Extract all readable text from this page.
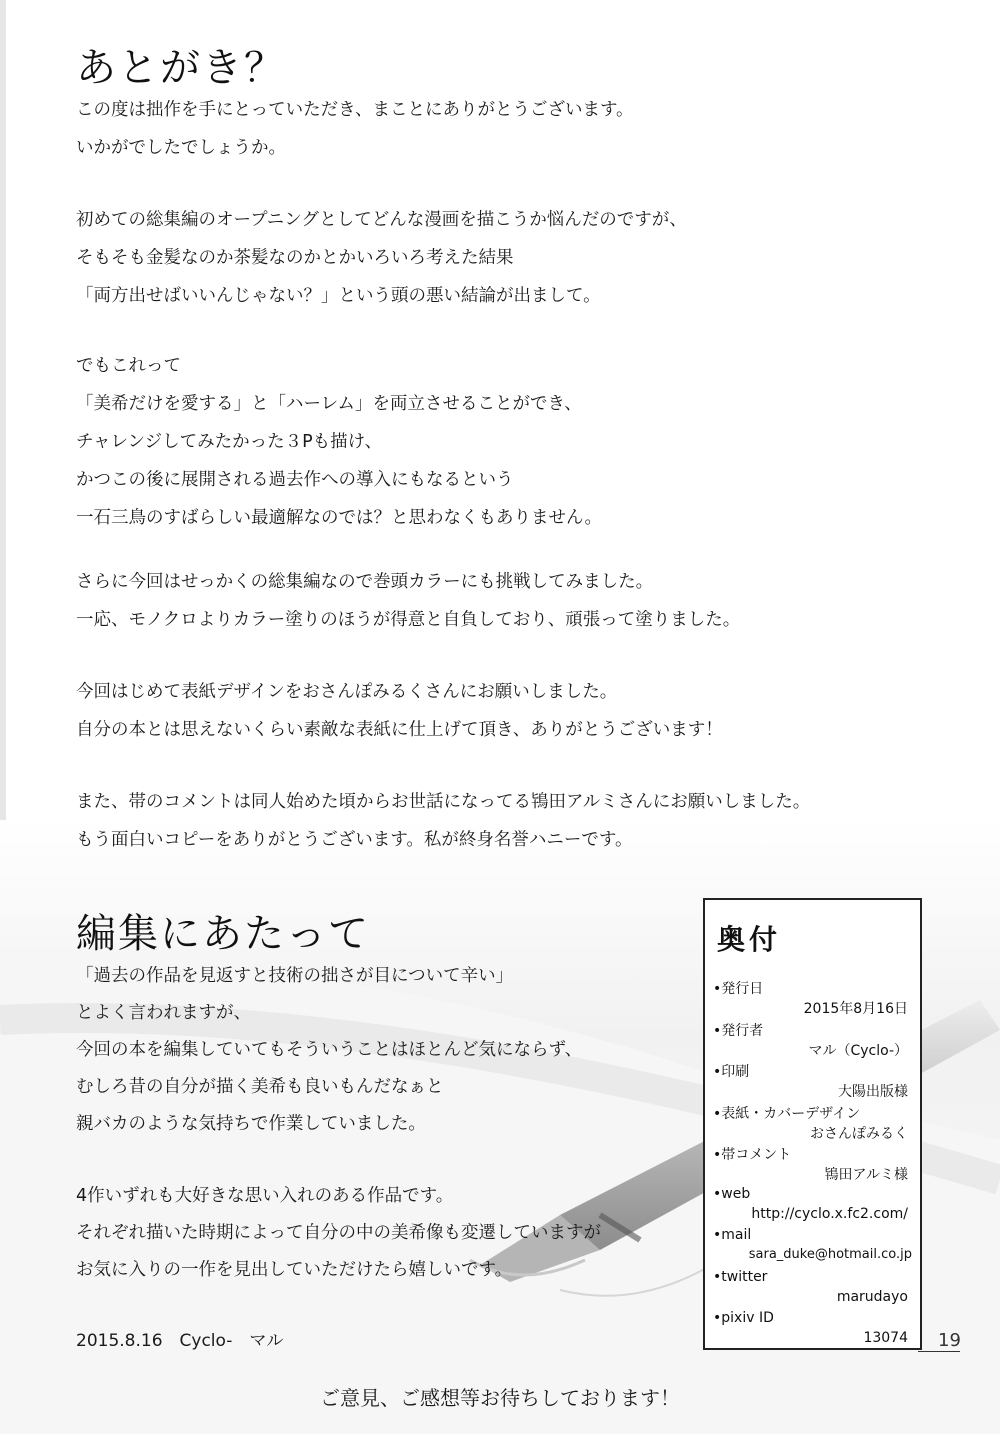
あとがき？
この度は拙作を手にとっていただき、まことにありがとうございます。
いかがでしたでしょうか。
初めての総集編のオープニングとしてどんな漫画を描こうか悩んだのですが、
そもそも金髪なのか茶髪なのかとかいろいろ考えた結果
「両方出せばいいんじゃない？」という頭の悪い結論が出まして。
でもこれって
「美希だけを愛する」と「ハーレム」を両立させることができ、
チャレンジしてみたかった３Pも描け、
かつこの後に展開される過去作への導入にもなるという
一石三鳥のすばらしい最適解なのでは？と思わなくもありません。
さらに今回はせっかくの総集編なので巻頭カラーにも挑戦してみました。
一応、モノクロよりカラー塗りのほうが得意と自負しており、頑張って塗りました。
今回はじめて表紙デザインをおさんぽみるくさんにお願いしました。
自分の本とは思えないくらい素敵な表紙に仕上げて頂き、ありがとうございます！
また、帯のコメントは同人始めた頃からお世話になってる鴇田アルミさんにお願いしました。
もう面白いコピーをありがとうございます。私が終身名誉ハニーです。
編集にあたって
「過去の作品を見返すと技術の拙さが目について辛い」
とよく言われますが、
今回の本を編集していてもそういうことはほとんど気にならず、
むしろ昔の自分が描く美希も良いもんだなぁと
親バカのような気持ちで作業していました。
4作いずれも大好きな思い入れのある作品です。
それぞれ描いた時期によって自分の中の美希像も変遷していますが
お気に入りの一作を見出していただけたら嬉しいです。
2015.8.16　Cyclo-　マル
奥付
•発行日
2015年8月16日
•発行者
マル（Cyclo-）
•印刷
大陽出版様
•表紙・カバーデザイン
おさんぽみるく
•帯コメント
鴇田アルミ様
•web
http://cyclo.x.fc2.com/
•mail
sara_duke@hotmail.co.jp
•twitter
marudayo
•pixiv ID
13074 19
ご意見、ご感想等お待ちしております！
